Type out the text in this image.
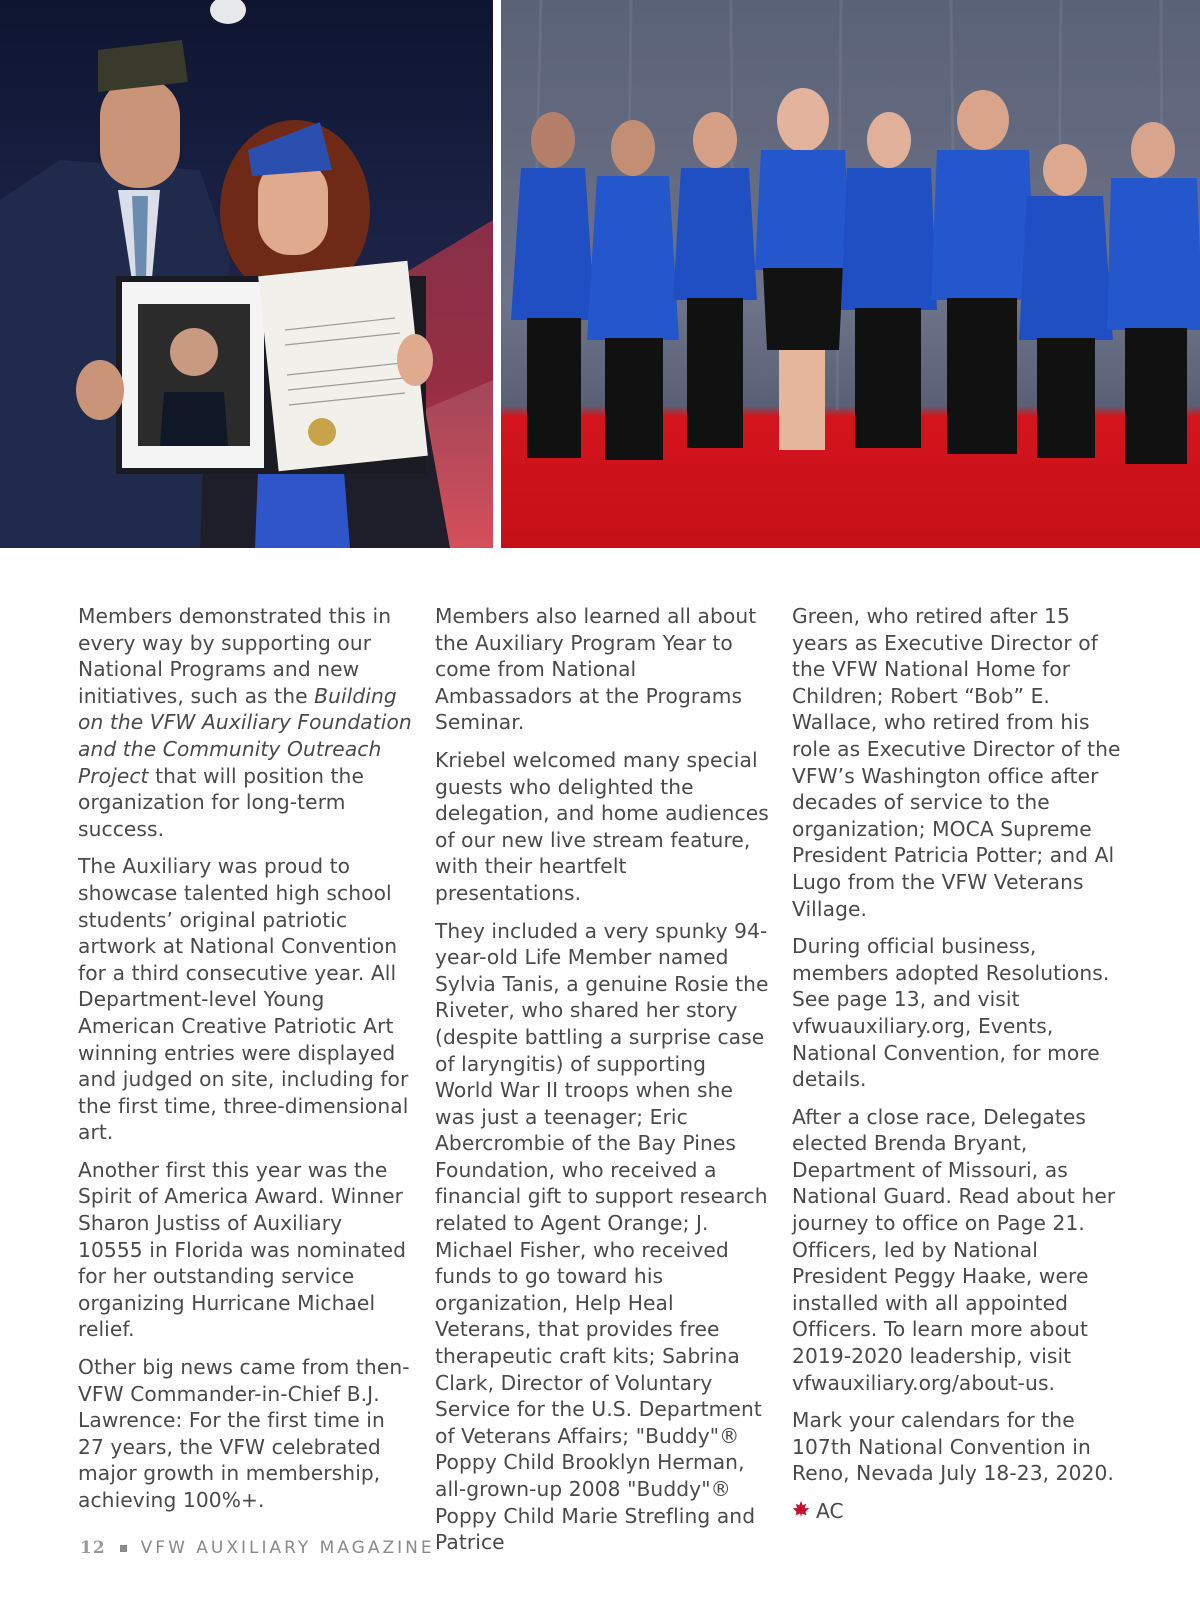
Members demonstrated this in every way by supporting our National Programs and new initiatives, such as the Building on the VFW Auxiliary Foundation and the Community Outreach Project that will position the organization for long-term success.

The Auxiliary was proud to showcase talented high school students’ original patriotic artwork at National Convention for a third consecutive year. All Department-level Young American Creative Patriotic Art winning entries were displayed and judged on site, including for the first time, three-dimensional art.

Another first this year was the Spirit of America Award. Winner Sharon Justiss of Auxiliary 10555 in Florida was nominated for her outstanding service organizing Hurricane Michael relief.

Other big news came from then-VFW Commander-in-Chief B.J. Lawrence: For the first time in 27 years, the VFW celebrated major growth in membership, achieving 100%+.

Members also learned all about the Auxiliary Program Year to come from National Ambassadors at the Programs Seminar.

Kriebel welcomed many special guests who delighted the delegation, and home audiences of our new live stream feature, with their heartfelt presentations.

They included a very spunky 94-year-old Life Member named Sylvia Tanis, a genuine Rosie the Riveter, who shared her story (despite battling a surprise case of laryngitis) of supporting World War II troops when she was just a teenager; Eric Abercrombie of the Bay Pines Foundation, who received a financial gift to support research related to Agent Orange; J. Michael Fisher, who received funds to go toward his organization, Help Heal Veterans, that provides free therapeutic craft kits; Sabrina Clark, Director of Voluntary Service for the U.S. Department of Veterans Affairs; "Buddy"® Poppy Child Brooklyn Herman, all-grown-up 2008 "Buddy"® Poppy Child Marie Strefling and Patrice

Green, who retired after 15 years as Executive Director of the VFW National Home for Children; Robert “Bob” E. Wallace, who retired from his role as Executive Director of the VFW’s Washington office after decades of service to the organization; MOCA Supreme President Patricia Potter; and Al Lugo from the VFW Veterans Village.

During official business, members adopted Resolutions. See page 13, and visit vfwuauxiliary.org, Events, National Convention, for more details.

After a close race, Delegates elected Brenda Bryant, Department of Missouri, as National Guard. Read about her journey to office on Page 21. Officers, led by National President Peggy Haake, were installed with all appointed Officers. To learn more about 2019-2020 leadership, visit vfwauxiliary.org/about-us.

Mark your calendars for the 107th National Convention in Reno, Nevada July 18-23, 2020.

AC
12 VFW AUXILIARY MAGAZINE
